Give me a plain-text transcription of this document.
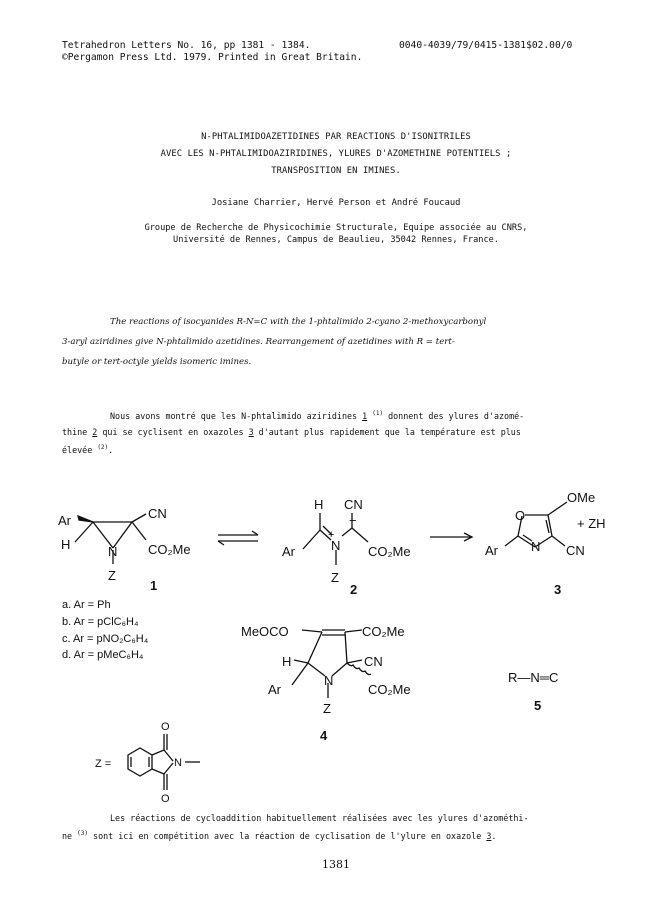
Tetrahedron Letters No. 16, pp 1381 - 1384.
©Pergamon Press Ltd. 1979. Printed in Great Britain.
0040-4039/79/0415-1381$02.00/0
N-PHTALIMIDOAZETIDINES PAR REACTIONS D'ISONITRILES
AVEC LES N-PHTALIMIDOAZIRIDINES, YLURES D'AZOMETHINE POTENTIELS ;
TRANSPOSITION EN IMINES.
Josiane Charrier, Hervé Person et André Foucaud
Groupe de Recherche de Physicochimie Structurale, Equipe associée au CNRS,
Université de Rennes, Campus de Beaulieu, 35042 Rennes, France.
The reactions of isocyanides R-N=C with the 1-phtalimido 2-cyano 2-methoxycarbonyl
3-aryl aziridines give N-phtalimido azetidines. Rearrangement of azetidines with R = tert-
butyle or tert-octyle yields isomeric imines.
Nous avons montré que les N-phtalimido aziridines 1 $^{(1)}$ donnent des ylures d'azomé-
thine 2 qui se cyclisent en oxazoles 3 d'autant plus rapidement que la température est plus
élevée $^{(2)}$.
Ar	CN
H	N CO₂Me
Z
1
a. Ar = Ph
b. Ar = pClC₆H₄
c. Ar = pNO₂C₆H₄
d. Ar = pMeC₆H₄
H CN
−
+
Ar	N CO₂Me
Z
2
O
OMe
+ ZH
Ar	N CN
3
MeOCO	CO₂Me
H	CN
Ar
N
CO₂Me
Z
4
R—N═C
5
Z =
O
O
N
Les réactions de cycloaddition habituellement réalisées avec les ylures d'azométhi-
ne $^{(3)}$ sont ici en compétition avec la réaction de cyclisation de l'ylure en oxazole 3.
1381
